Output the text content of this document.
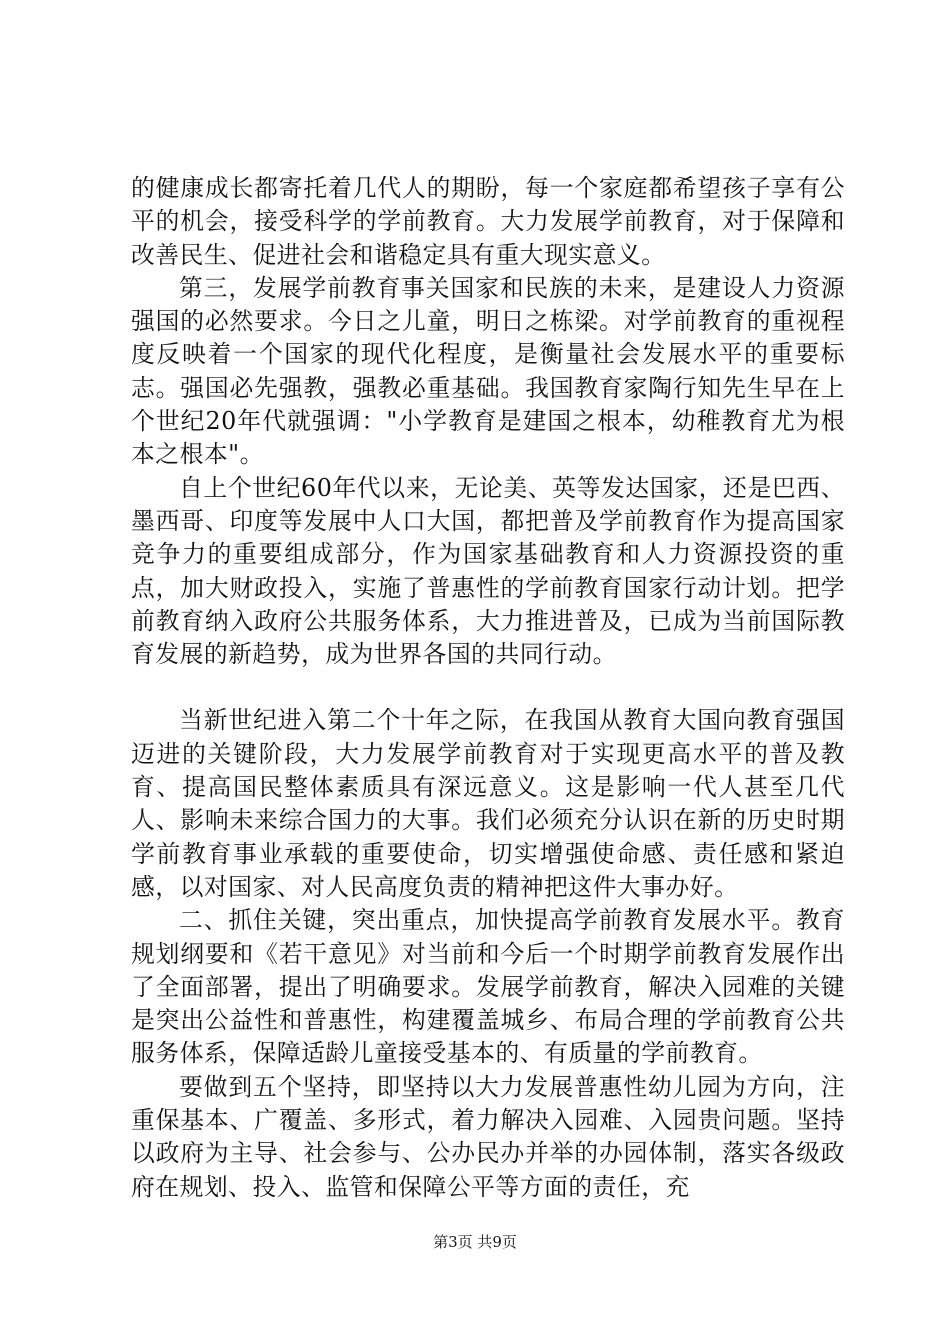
的健康成长都寄托着几代人的期盼，每一个家庭都希望孩子享有公平的机会，接受科学的学前教育。大力发展学前教育，对于保障和改善民生、促进社会和谐稳定具有重大现实意义。

第三，发展学前教育事关国家和民族的未来，是建设人力资源强国的必然要求。今日之儿童，明日之栋梁。对学前教育的重视程度反映着一个国家的现代化程度，是衡量社会发展水平的重要标志。强国必先强教，强教必重基础。我国教育家陶行知先生早在上个世纪20年代就强调："小学教育是建国之根本，幼稚教育尤为根本之根本"。

自上个世纪60年代以来，无论美、英等发达国家，还是巴西、墨西哥、印度等发展中人口大国，都把普及学前教育作为提高国家竞争力的重要组成部分，作为国家基础教育和人力资源投资的重点，加大财政投入，实施了普惠性的学前教育国家行动计划。把学前教育纳入政府公共服务体系，大力推进普及，已成为当前国际教育发展的新趋势，成为世界各国的共同行动。

当新世纪进入第二个十年之际，在我国从教育大国向教育强国迈进的关键阶段，大力发展学前教育对于实现更高水平的普及教育、提高国民整体素质具有深远意义。这是影响一代人甚至几代人、影响未来综合国力的大事。我们必须充分认识在新的历史时期学前教育事业承载的重要使命，切实增强使命感、责任感和紧迫感，以对国家、对人民高度负责的精神把这件大事办好。

二、抓住关键，突出重点，加快提高学前教育发展水平。教育规划纲要和《若干意见》对当前和今后一个时期学前教育发展作出了全面部署，提出了明确要求。发展学前教育，解决入园难的关键是突出公益性和普惠性，构建覆盖城乡、布局合理的学前教育公共服务体系，保障适龄儿童接受基本的、有质量的学前教育。

要做到五个坚持，即坚持以大力发展普惠性幼儿园为方向，注重保基本、广覆盖、多形式，着力解决入园难、入园贵问题。坚持以政府为主导、社会参与、公办民办并举的办园体制，落实各级政府在规划、投入、监管和保障公平等方面的责任，充

第3页 共9页
